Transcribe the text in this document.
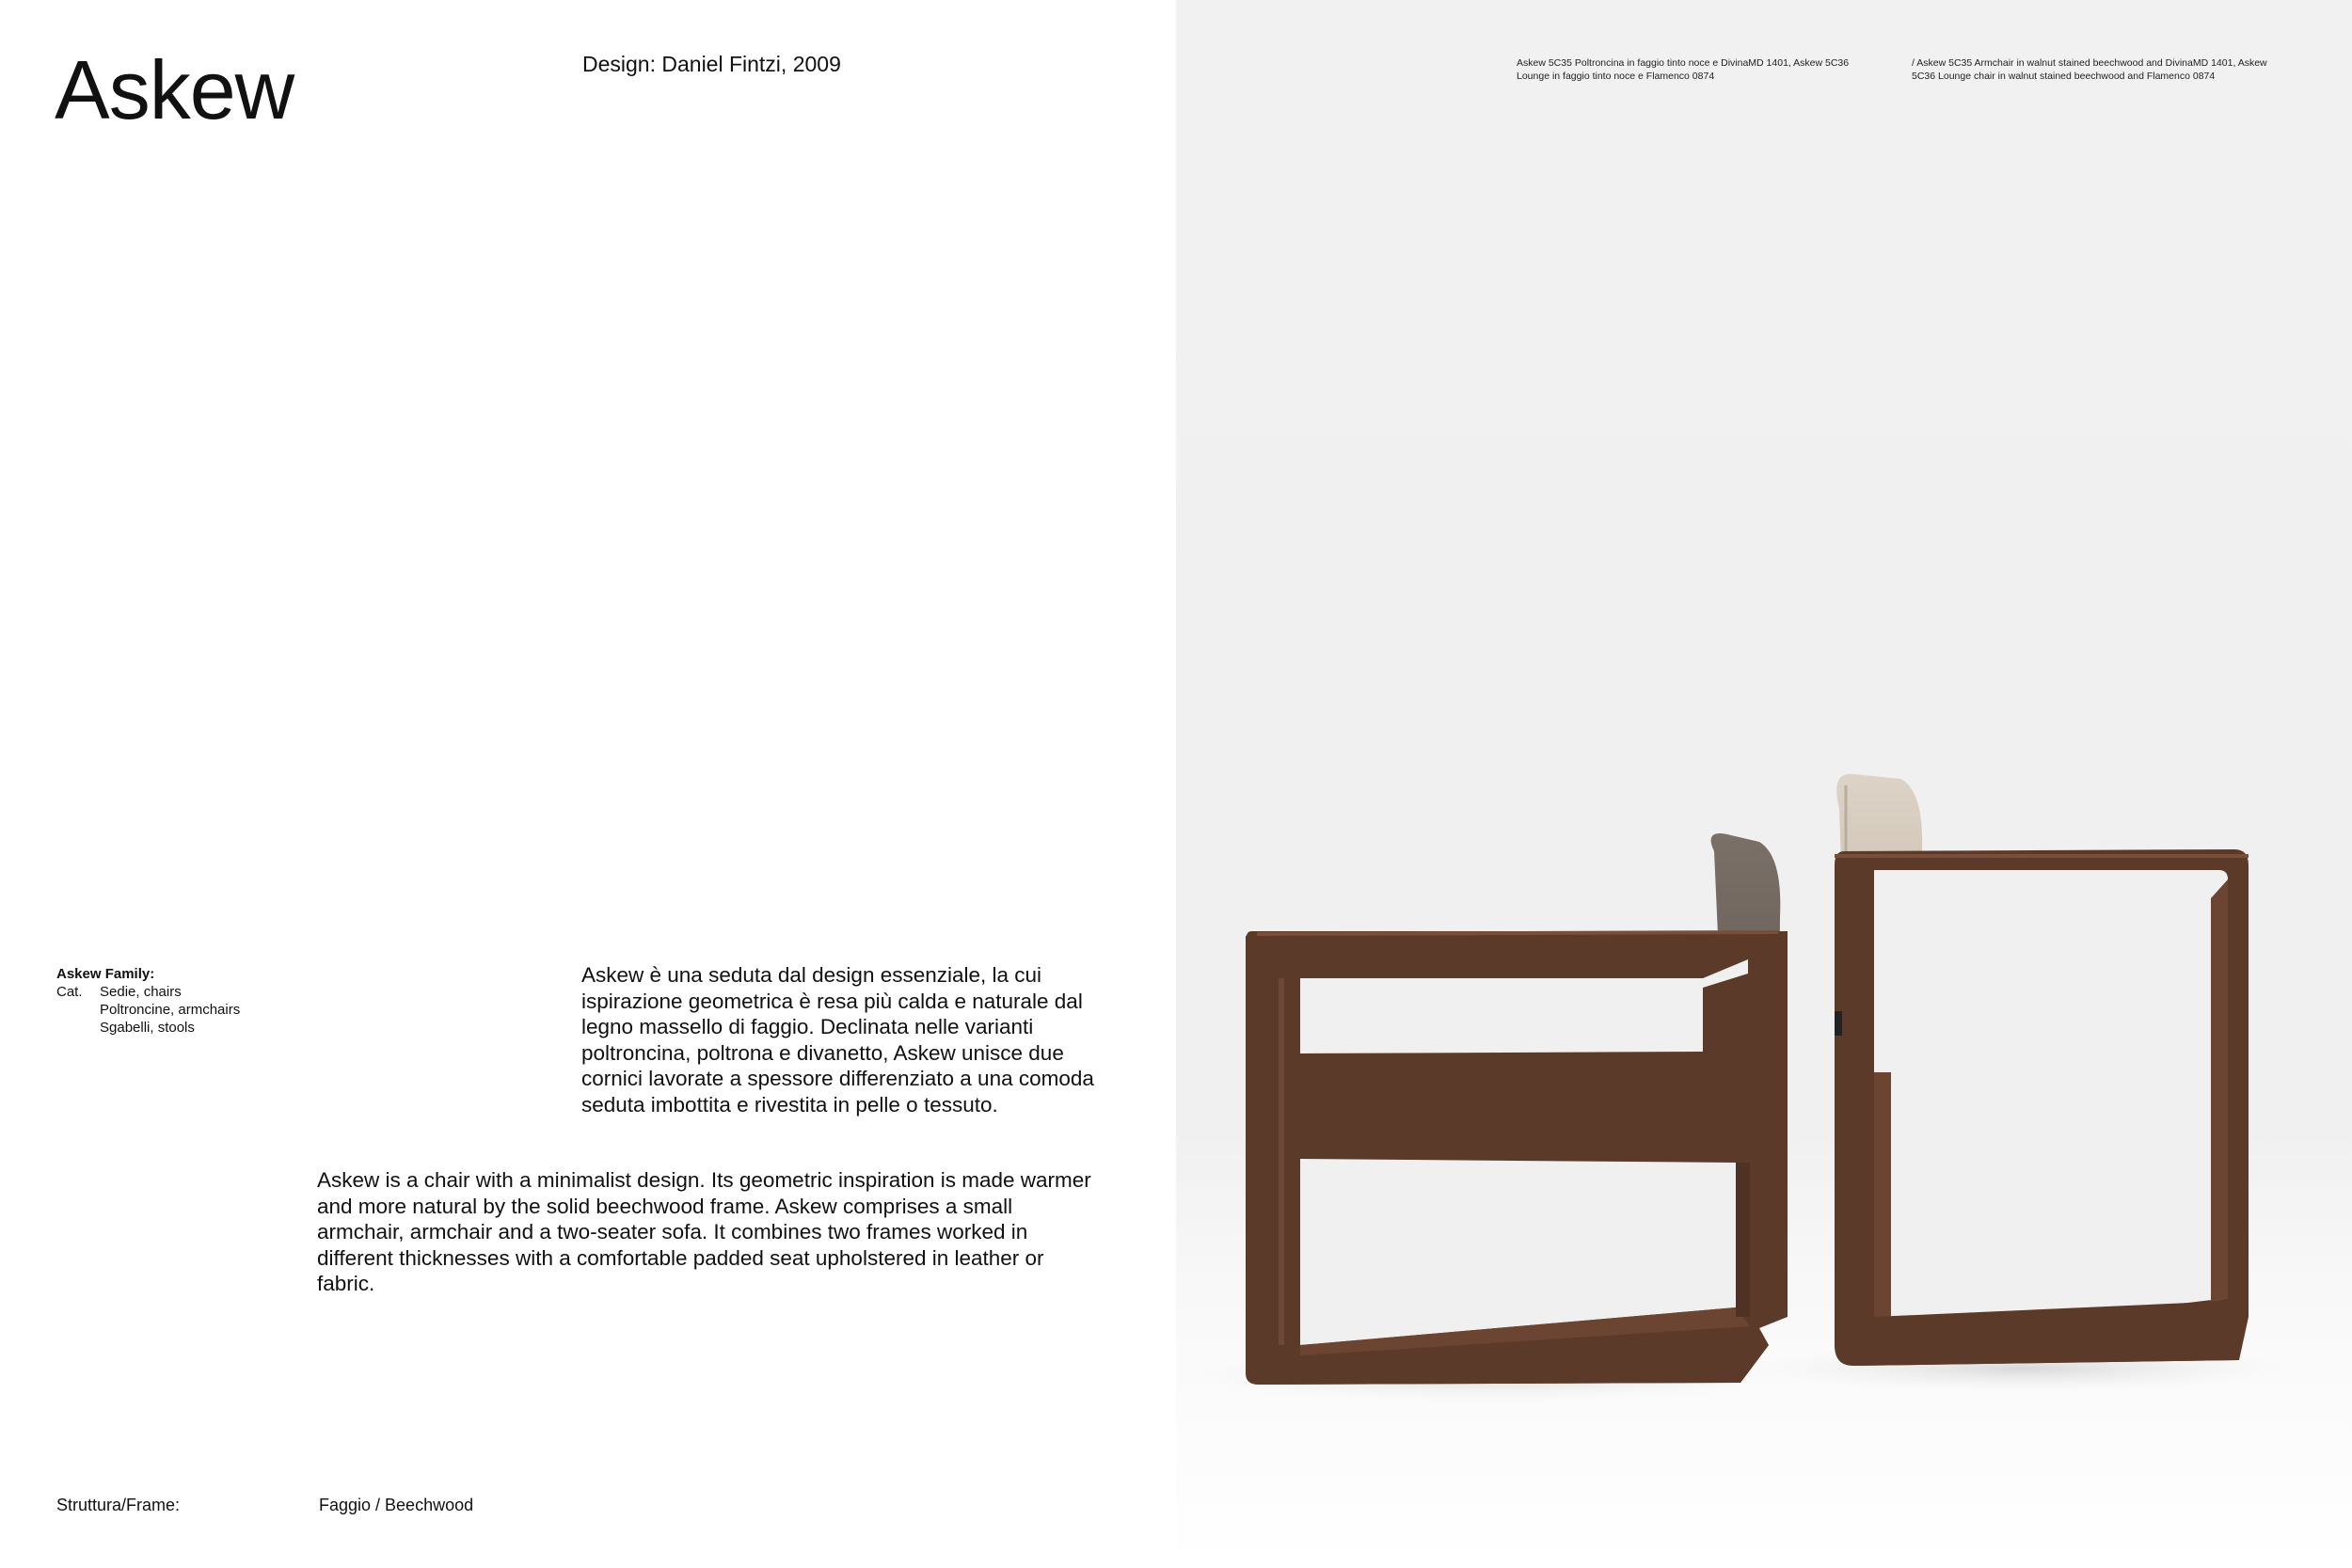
Askew	Design: Daniel Fintzi, 2009
Askew Family:
Cat.	Sedie, chairs
Poltroncine, armchairs
Sgabelli, stools

Askew è una seduta dal design essenziale, la cui ispirazione geometrica è resa più calda e naturale dal legno massello di faggio. Declinata nelle varianti poltroncina, poltrona e divanetto, Askew unisce due cornici lavorate a spessore differenziato a una comoda seduta imbottita e rivestita in pelle o tessuto.

Askew is a chair with a minimalist design. Its geometric inspiration is made warmer and more natural by the solid beechwood frame. Askew comprises a small armchair, armchair and a two-seater sofa. It combines two frames worked in different thicknesses with a comfortable padded seat upholstered in leather or fabric.

Struttura/Frame:	Faggio / Beechwood
Askew 5C35 Poltroncina in faggio tinto noce e DivinaMD 1401, Askew 5C36 Lounge in faggio tinto noce e Flamenco 0874
/ Askew 5C35 Armchair in walnut stained beechwood and DivinaMD 1401, Askew 5C36 Lounge chair in walnut stained beechwood and Flamenco 0874
